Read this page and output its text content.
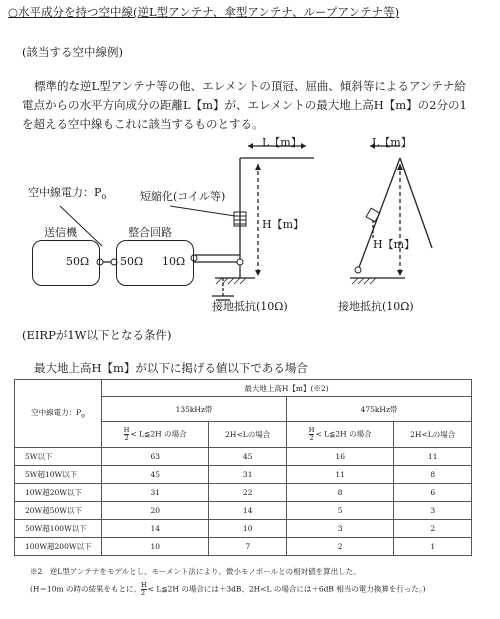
○水平成分を持つ空中線(逆L型アンテナ、傘型アンテナ、ループアンテナ等)
(該当する空中線例)
標準的な逆L型アンテナ等の他、エレメントの頂冠、屈曲、傾斜等によるアンテナ給電点からの水平方向成分の距離L【m】が、エレメントの最大地上高H【m】の2分の1を超える空中線もこれに該当するものとする。
空中線電力：$P_o$	短縮化(コイル等)
送信機	整合回路
50Ω	50Ω 10Ω
L【m】
H【m】
接地抵抗(10Ω)
L【m】
H【m】
接地抵抗(10Ω)
(EIRPが1W以下となる条件)
最大地上高H【m】が以下に掲げる値以下である場合
空中線電力：$P_o$	最大地上高H【m】(※2)			
	135kHz帯		475kHz帯	

	$\frac{H}{2}$ < L≦2H の場合	2H<Lの場合	$\frac{H}{2}$ < L≦2H の場合	2H<Lの場合
5W以下	63	45	16	11
5W超10W以下	45	31	11	8
10W超20W以下	31	22	8	6
20W超50W以下	20	14	5	3
50W超100W以下	14	10	3	2
100W超200W以下	10	7	2	1
※2　逆L型アンテナをモデルとし、モーメント法により、微小モノポールとの相対値を算出した。
(H＝10m の時の結果をもとに、 $\frac{H}{2}$ < L≦2H の場合には＋3dB、2H<L の場合には＋6dB 相当の電力換算を行った。)
